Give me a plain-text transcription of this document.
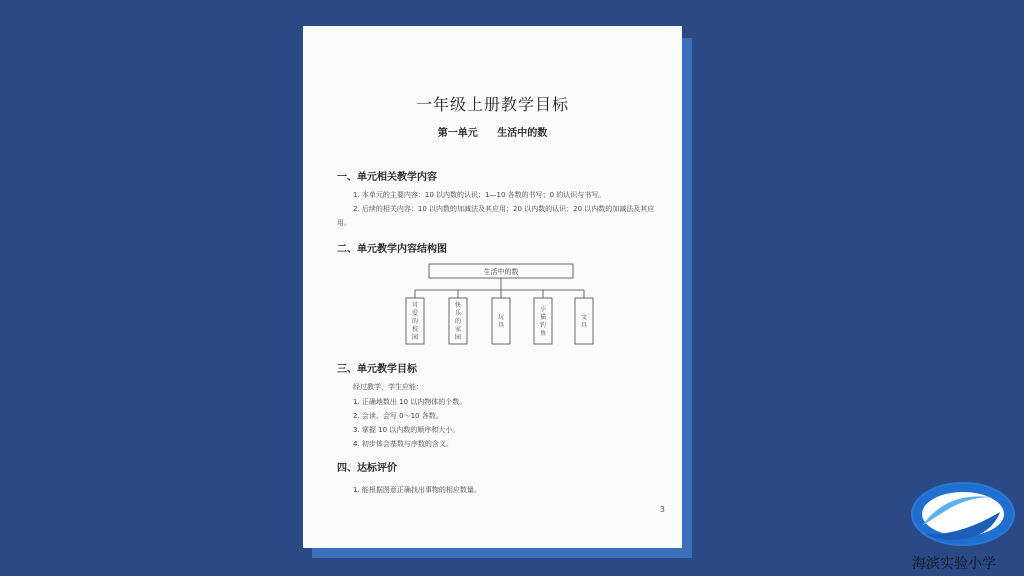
一年级上册教学目标
第一单元 生活中的数
一、单元相关教学内容
1. 本单元的主要内容：10 以内数的认识；1—10 各数的书写；0 的认识与书写。
2. 后续的相关内容：10 以内数的加减法及其应用；20 以内数的认识；20 以内数的加减法及其应用。
二、单元教学内容结构图
生活中的数
可爱的校园
快乐的家园
玩具
小猫钓鱼
文具
三、单元教学目标
经过教学，学生应能：
1. 正确地数出 10 以内物体的个数。
2. 会读、会写 0～10 各数。
3. 掌握 10 以内数的顺序和大小。
4. 初步体会基数与序数的含义。
四、达标评价
1. 能根据图意正确找出事物的相应数量。
3
海滨实验小学
